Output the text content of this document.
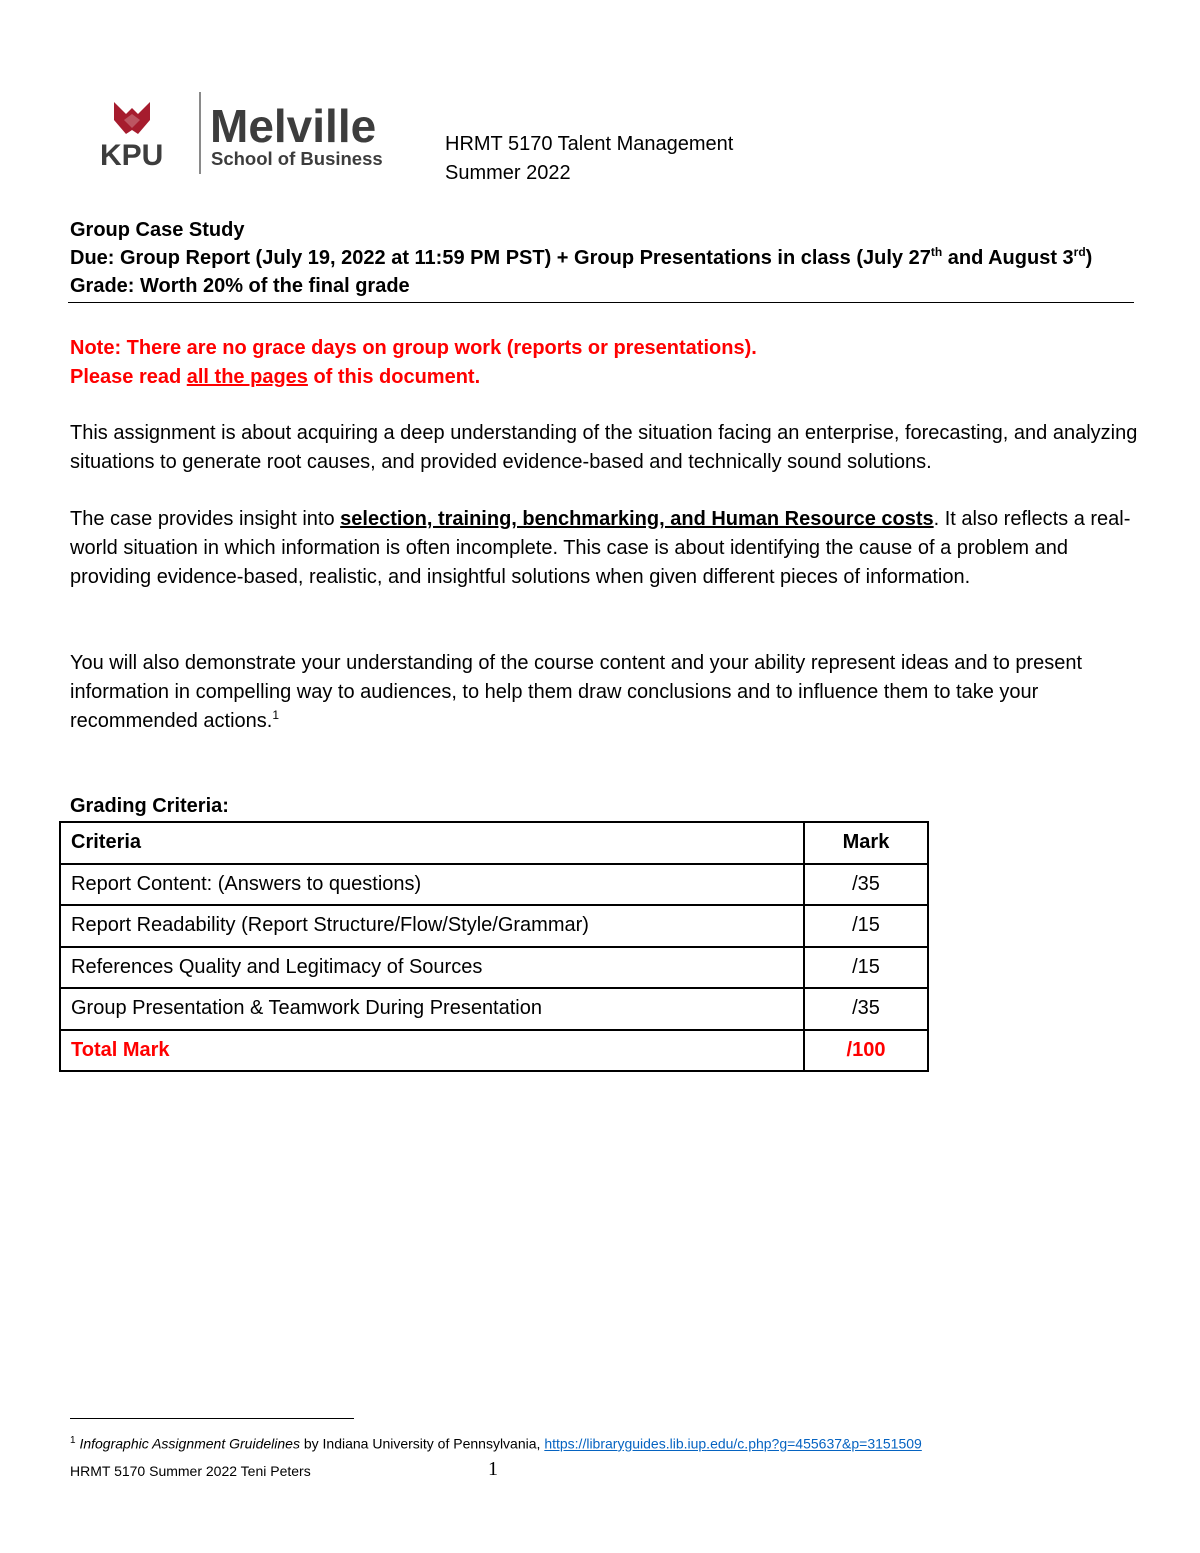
KPU
Melville
School of Business
HRMT 5170 Talent Management
Summer 2022
Group Case Study
Due: Group Report (July 19, 2022 at 11:59 PM PST) + Group Presentations in class (July 27th and August 3rd)
Grade: Worth 20% of the final grade
Note: There are no grace days on group work (reports or presentations).
Please read all the pages of this document.
This assignment is about acquiring a deep understanding of the situation facing an enterprise, forecasting, and analyzing situations to generate root causes, and provided evidence-based and technically sound solutions.
The case provides insight into selection, training, benchmarking, and Human Resource costs. It also reflects a real-world situation in which information is often incomplete. This case is about identifying the cause of a problem and providing evidence-based, realistic, and insightful solutions when given different pieces of information.
You will also demonstrate your understanding of the course content and your ability represent ideas and to present information in compelling way to audiences, to help them draw conclusions and to influence them to take your recommended actions.$^1$
Grading Criteria:
Criteria	Mark
Report Content: (Answers to questions)	/35
Report Readability (Report Structure/Flow/Style/Grammar)	/15
References Quality and Legitimacy of Sources	/15
Group Presentation & Teamwork During Presentation	/35
Total Mark	/100
$^1$ Infographic Assignment Gruidelines by Indiana University of Pennsylvania, https://libraryguides.lib.iup.edu/c.php?g=455637&p=3151509
HRMT 5170 Summer 2022 Teni Peters	1
